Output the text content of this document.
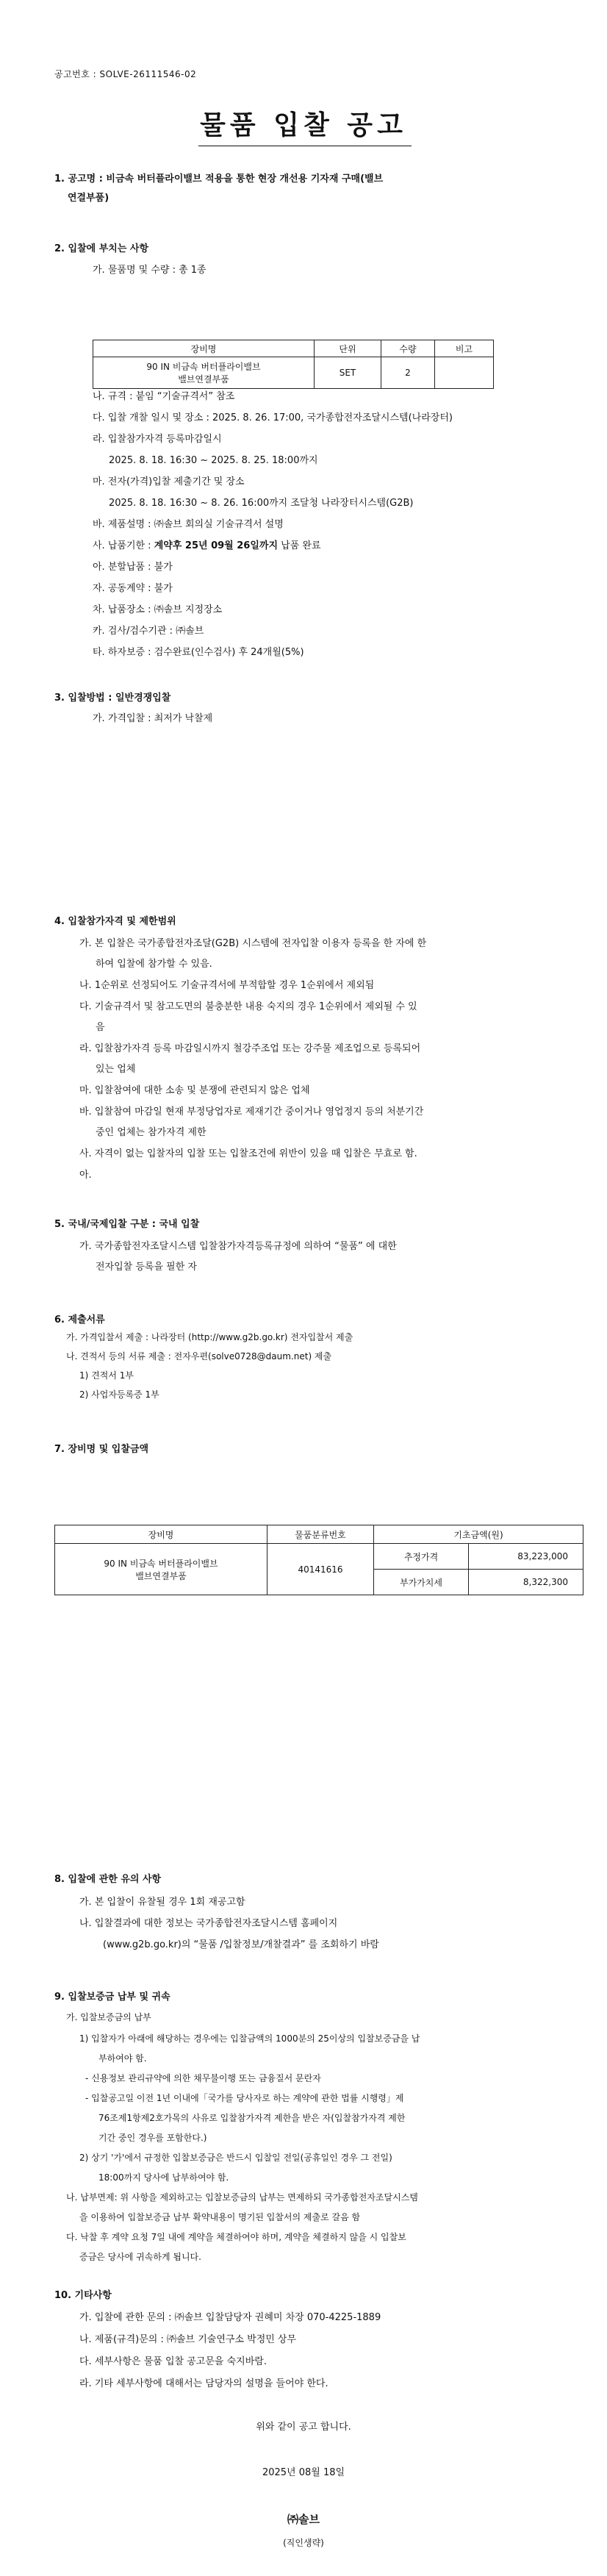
공고번호 : SOLVE-26111546-02
물품 입찰 공고
1. 공고명 : 비금속 버터플라이밸브 적용을 통한 현장 개선용 기자재 구매(밸브
연결부품)
2. 입찰에 부치는 사항
가. 물품명 및 수량 : 총 1종
장비명	단위	수량	비고

90 IN 비금속 버터플라이밸브
밸브연결부품	SET	2	
나. 규격 : 붙임 “기술규격서” 참조
다. 입찰 개찰 일시 및 장소 : 2025. 8. 26. 17:00, 국가종합전자조달시스템(나라장터)
라. 입찰참가자격 등록마감일시
2025. 8. 18. 16:30 ~ 2025. 8. 25. 18:00까지
마. 전자(가격)입찰 제출기간 및 장소
2025. 8. 18. 16:30 ~ 8. 26. 16:00까지 조달청 나라장터시스템(G2B)
바. 제품설명 : ㈜솔브 회의실 기술규격서 설명
사. 납품기한 : 계약후 25년 09월 26일까지 납품 완료
아. 분할납품 : 불가
자. 공동계약 : 불가
차. 납품장소 : ㈜솔브 지정장소
카. 검사/검수기관 : ㈜솔브
타. 하자보증 : 검수완료(인수검사) 후 24개월(5%)
3. 입찰방법 : 일반경쟁입찰
가. 가격입찰 : 최저가 낙찰제
4. 입찰참가자격 및 제한범위
가. 본 입찰은 국가종합전자조달(G2B) 시스템에 전자입찰 이용자 등록을 한 자에 한
하여 입찰에 참가할 수 있음.
나. 1순위로 선정되어도 기술규격서에 부적합할 경우 1순위에서 제외됨
다. 기술규격서 및 참고도면의 불충분한 내용 숙지의 경우 1순위에서 제외될 수 있
음
라. 입찰참가자격 등록 마감일시까지 철강주조업 또는 강주물 제조업으로 등록되어
있는 업체
마. 입찰참여에 대한 소송 및 분쟁에 관련되지 않은 업체
바. 입찰참여 마감일 현재 부정당업자로 제재기간 중이거나 영업정지 등의 처분기간
중인 업체는 참가자격 제한
사. 자격이 없는 입찰자의 입찰 또는 입찰조건에 위반이 있을 때 입찰은 무효로 함.
아.
5. 국내/국제입찰 구분 : 국내 입찰
가. 국가종합전자조달시스템 입찰참가자격등록규정에 의하여 “물품” 에 대한
전자입찰 등록을 필한 자
6. 제출서류
가. 가격입찰서 제출 : 나라장터 (http://www.g2b.go.kr) 전자입찰서 제출
나. 견적서 등의 서류 제출 : 전자우편(solve0728@daum.net) 제출
1) 견적서 1부
2) 사업자등록증 1부
7. 장비명 및 입찰금액
장비명	물품분류번호	기초금액(원)	

90 IN 비금속 버터플라이밸브
밸브연결부품	40141616	추정가격	83,223,000
		부가가치세	8,322,300
8. 입찰에 관한 유의 사항
가. 본 입찰이 유찰될 경우 1회 재공고함
나. 입찰결과에 대한 정보는 국가종합전자조달시스템 홈페이지
(www.g2b.go.kr)의 “물품 /입찰정보/개찰결과” 를 조회하기 바람
9. 입찰보증금 납부 및 귀속
가. 입찰보증금의 납부
1) 입찰자가 아래에 해당하는 경우에는 입찰금액의 1000분의 25이상의 입찰보증금을 납
부하여야 함.
- 신용정보 관리규약에 의한 채무불이행 또는 금융질서 문란자
- 입찰공고일 이전 1년 이내에「국가를 당사자로 하는 계약에 관한 법률 시행령」제
76조제1항제2호가목의 사유로 입찰참가자격 제한을 받은 자(입찰참가자격 제한
기간 중인 경우를 포함한다.)
2) 상기 '가'에서 규정한 입찰보증금은 반드시 입찰일 전일(공휴일인 경우 그 전일)
18:00까지 당사에 납부하여야 함.
나. 납부면제: 위 사항을 제외하고는 입찰보증금의 납부는 면제하되 국가종합전자조달시스템
을 이용하여 입찰보증금 납부 확약내용이 명기된 입찰서의 제출로 갈음 함
다. 낙찰 후 계약 요청 7일 내에 계약을 체결하여야 하며, 계약을 체결하지 않을 시 입찰보
증금은 당사에 귀속하게 됩니다.
10. 기타사항
가. 입찰에 관한 문의 : ㈜솔브 입찰담당자 권혜미 차장 070-4225-1889
나. 제품(규격)문의 : ㈜솔브 기술연구소 박정민 상무
다. 세부사항은 물품 입찰 공고문을 숙지바람.
라. 기타 세부사항에 대해서는 담당자의 설명을 들어야 한다.
위와 같이 공고 합니다.
2025년 08월 18일
㈜솔브
(직인생략)
